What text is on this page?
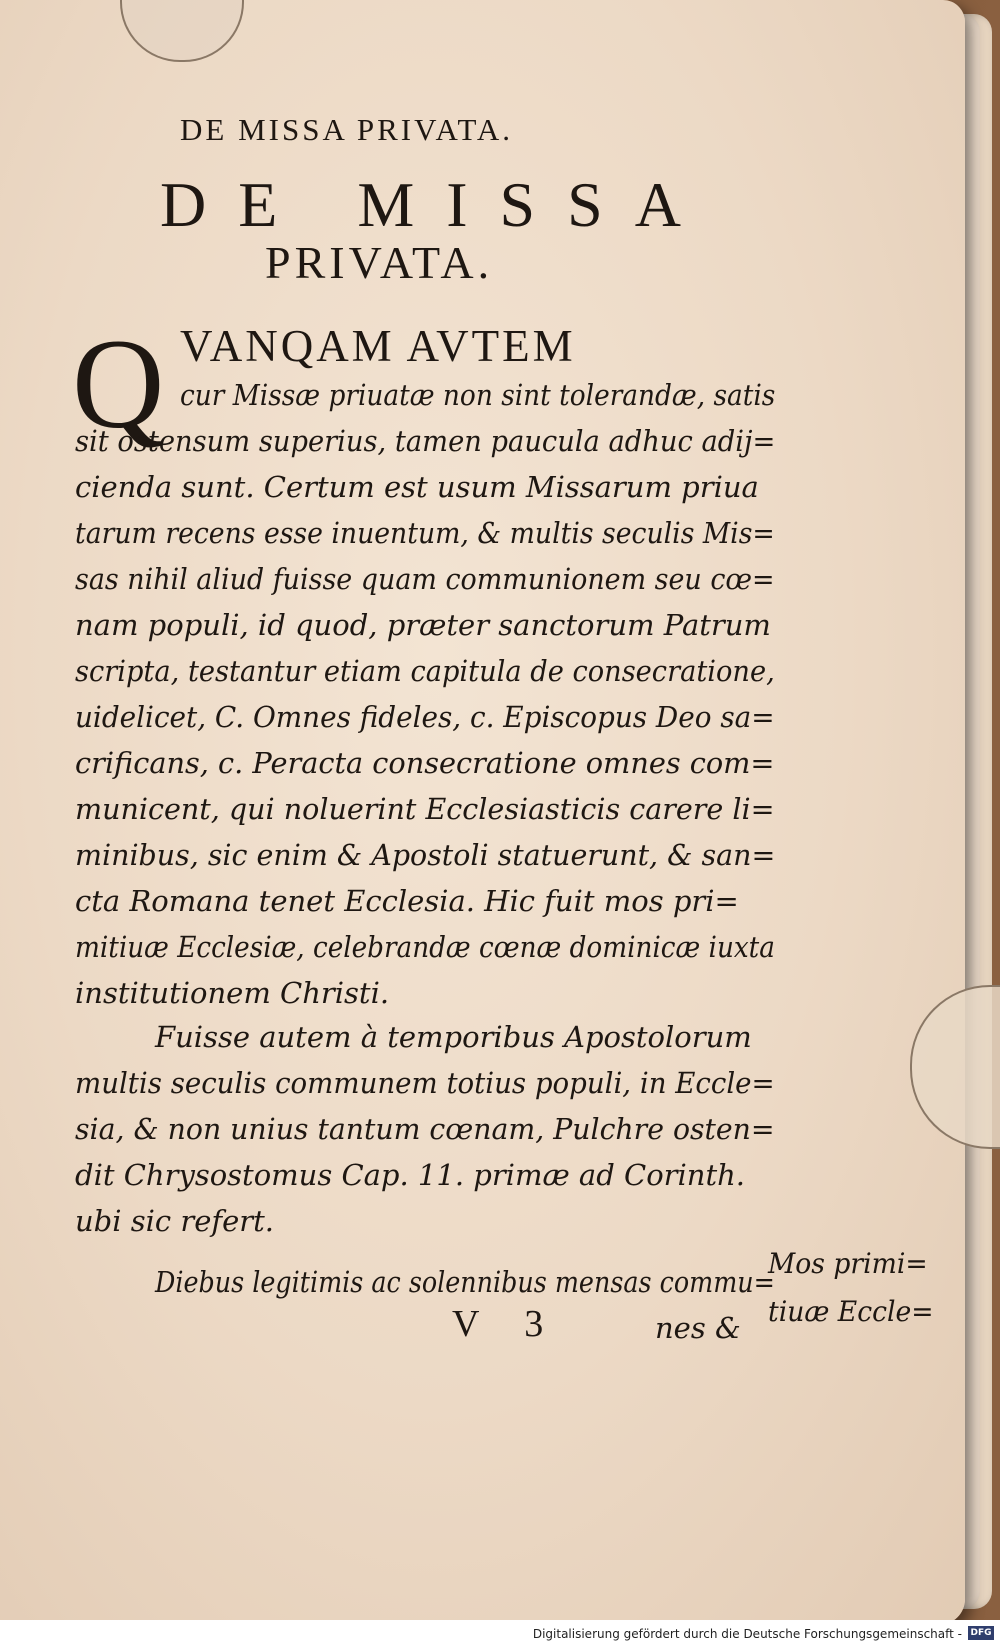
DE MISSA PRIVATA.
DE MISSA
PRIVATA.
Q VANQAM AVTEM
cur Missæ priuatæ non sint tolerandæ, satis
sit ostensum superius, tamen paucula adhuc adij=
cienda sunt. Certum est usum Missarum priua
tarum recens esse inuentum, & multis seculis Mis=
sas nihil aliud fuisse quam communionem seu cœ=
nam populi, id quod, præter sanctorum Patrum
scripta, testantur etiam capitula de consecratione,
uidelicet, C. Omnes fideles, c. Episcopus Deo sa=
crificans, c. Peracta consecratione omnes com=
municent, qui noluerint Ecclesiasticis carere li=
minibus, sic enim & Apostoli statuerunt, & san=
cta Romana tenet Ecclesia. Hic fuit mos pri=
mitiuæ Ecclesiæ, celebrandæ cœnæ dominicæ iuxta
institutionem Christi.
Fuisse autem à temporibus Apostolorum
multis seculis communem totius populi, in Eccle=
sia, & non unius tantum cœnam, Pulchre osten=
dit Chrysostomus Cap. 11. primæ ad Corinth.
ubi sic refert.
Diebus legitimis ac solennibus mensas commu=
nes &
V 3
Mos primi=
tiuæ Eccle=
Digitalisierung gefördert durch die Deutsche Forschungsgemeinschaft - DFG
